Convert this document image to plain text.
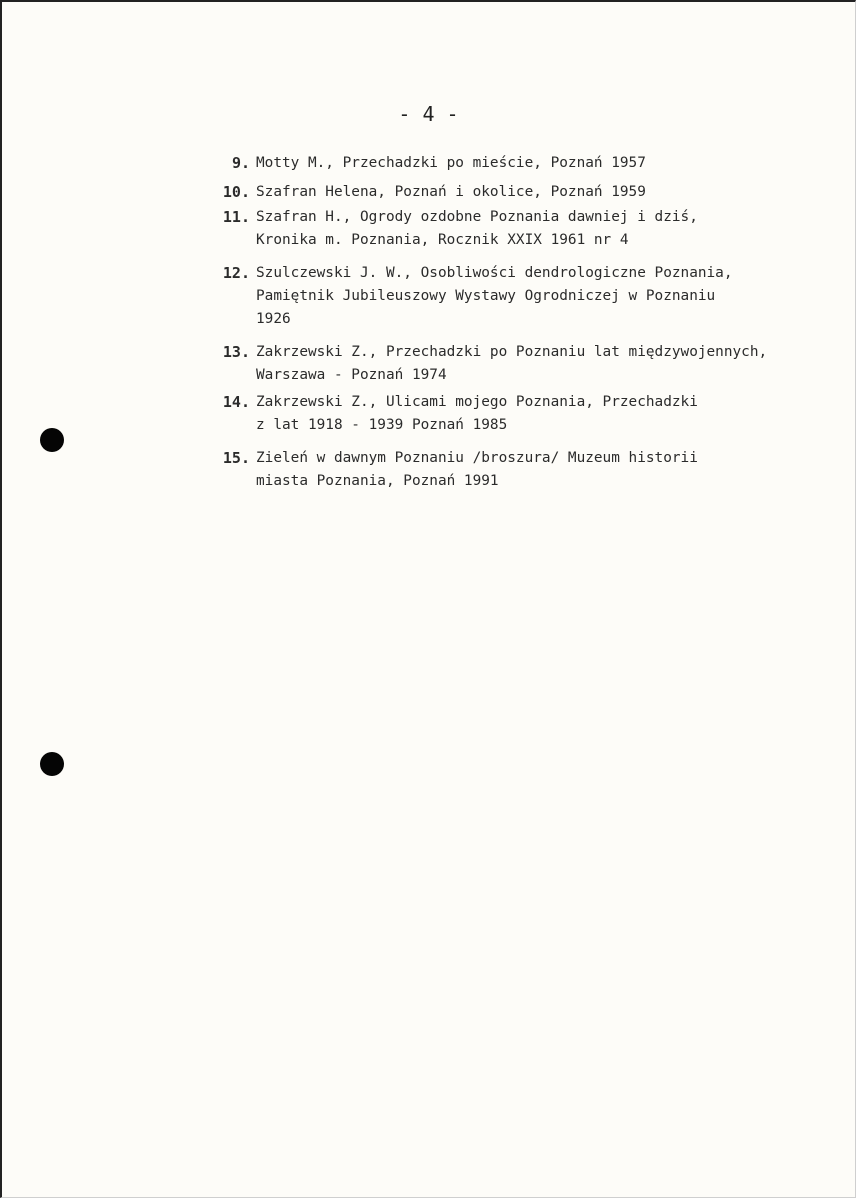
- 4 -
9. Motty M., Przechadzki po mieście, Poznań 1957
10. Szafran Helena, Poznań i okolice, Poznań 1959
11. Szafran H., Ogrody ozdobne Poznania dawniej i dziś,
Kronika m. Poznania, Rocznik XXIX 1961 nr 4
12. Szulczewski J. W., Osobliwości dendrologiczne Poznania,
Pamiętnik Jubileuszowy Wystawy Ogrodniczej w Poznaniu
1926
13. Zakrzewski Z., Przechadzki po Poznaniu lat międzywojennych,
Warszawa - Poznań 1974
14. Zakrzewski Z., Ulicami mojego Poznania, Przechadzki
z lat 1918 - 1939 Poznań 1985
15. Zieleń w dawnym Poznaniu /broszura/ Muzeum historii
miasta Poznania, Poznań 1991
